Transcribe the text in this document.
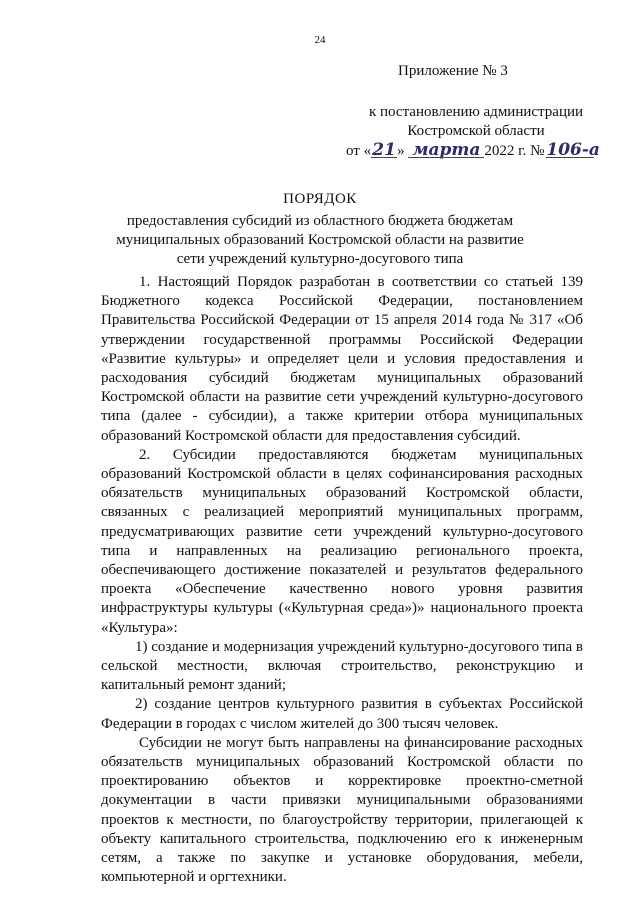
24
Приложение № 3
к постановлению администрации
Костромской области
от «21» марта 2022 г. № 106-а
ПОРЯДОК
предоставления субсидий из областного бюджета бюджетам муниципальных образований Костромской области на развитие сети учреждений культурно-досугового типа

1. Настоящий Порядок разработан в соответствии со статьей 139 Бюджетного кодекса Российской Федерации, постановлением Правительства Российской Федерации от 15 апреля 2014 года № 317 «Об утверждении государственной программы Российской Федерации «Развитие культуры» и определяет цели и условия предоставления и расходования субсидий бюджетам муниципальных образований Костромской области на развитие сети учреждений культурно-досугового типа (далее - субсидии), а также критерии отбора муниципальных образований Костромской области для предоставления субсидий.

2. Субсидии предоставляются бюджетам муниципальных образований Костромской области в целях софинансирования расходных обязательств муниципальных образований Костромской области, связанных с реализацией мероприятий муниципальных программ, предусматривающих развитие сети учреждений культурно-досугового типа и направленных на реализацию регионального проекта, обеспечивающего достижение показателей и результатов федерального проекта «Обеспечение качественно нового уровня развития инфраструктуры культуры («Культурная среда»)» национального проекта «Культура»:

1) создание и модернизация учреждений культурно-досугового типа в сельской местности, включая строительство, реконструкцию и капитальный ремонт зданий;

2) создание центров культурного развития в субъектах Российской Федерации в городах с числом жителей до 300 тысяч человек.

Субсидии не могут быть направлены на финансирование расходных обязательств муниципальных образований Костромской области по проектированию объектов и корректировке проектно-сметной документации в части привязки муниципальными образованиями проектов к местности, по благоустройству территории, прилегающей к объекту капитального строительства, подключению его к инженерным сетям, а также по закупке и установке оборудования, мебели, компьютерной и оргтехники.
